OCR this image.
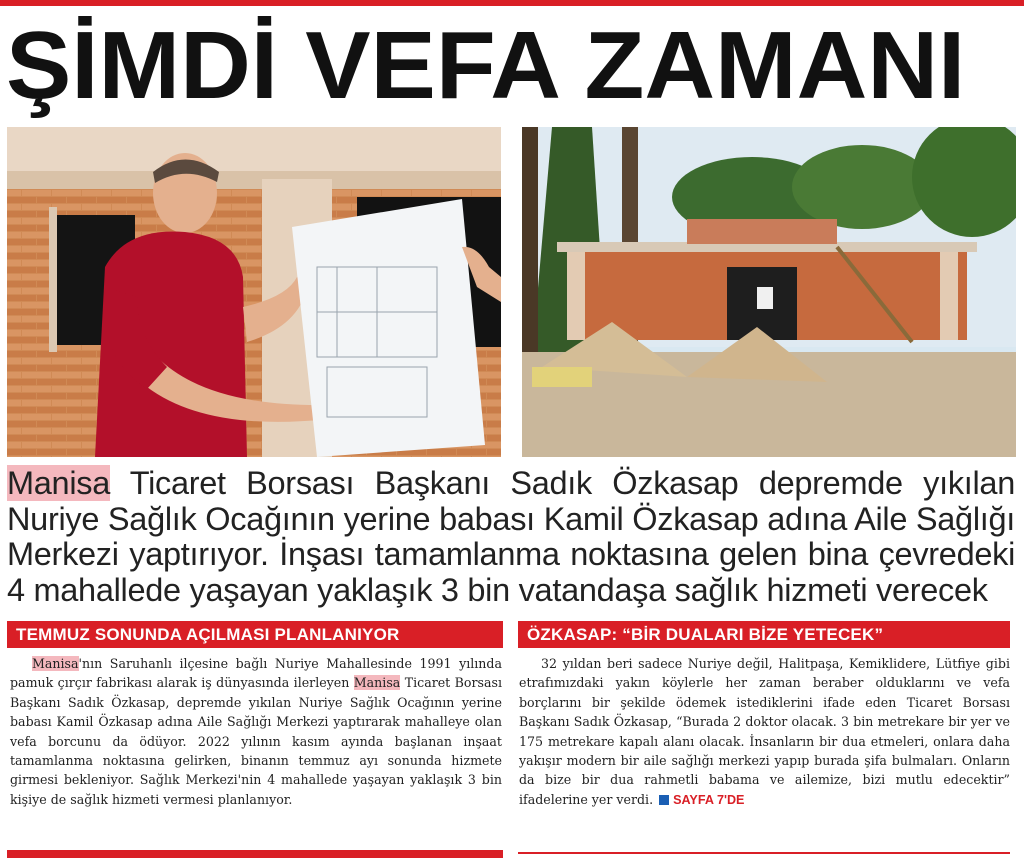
ŞİMDİ VEFA ZAMANI

Manisa Ticaret Borsası Başkanı Sadık Özkasap depremde yıkılan Nuriye Sağlık Ocağının yerine babası Kamil Özkasap adına Aile Sağlığı Merkezi yaptırıyor. İnşası tamamlanma noktasına gelen bina çevredeki 4 mahallede yaşayan yaklaşık 3 bin vatandaşa sağlık hizmeti verecek

TEMMUZ SONUNDA AÇILMASI PLANLANIYOR	ÖZKASAP: “BİR DUALARI BİZE YETECEK”

Manisa'nın Saruhanlı ilçesine bağlı Nuriye Mahallesinde 1991 yılında pamuk çırçır fabrikası alarak iş dünyasında ilerleyen Manisa Ticaret Borsası Başkanı Sadık Özkasap, depremde yıkılan Nuriye Sağlık Ocağının yerine babası Kamil Özkasap adına Aile Sağlığı Merkezi yaptırarak mahalleye olan vefa borcunu da ödüyor. 2022 yılının kasım ayında başlanan inşaat tamamlanma noktasına gelirken, binanın temmuz ayı sonunda hizmete girmesi bekleniyor. Sağlık Merkezi'nin 4 mahallede yaşayan yaklaşık 3 bin kişiye de sağlık hizmeti vermesi planlanıyor.

32 yıldan beri sadece Nuriye değil, Halitpaşa, Kemiklidere, Lütfiye gibi etrafımızdaki yakın köylerle her zaman beraber olduklarını ve vefa borçlarını bir şekilde ödemek istediklerini ifade eden Ticaret Borsası Başkanı Sadık Özkasap, “Burada 2 doktor olacak. 3 bin metrekare bir yer ve 175 metrekare kapalı alanı olacak. İnsanların bir dua etmeleri, onlara daha yakışır modern bir aile sağlığı merkezi yapıp burada şifa bulmaları. Onların da bize bir dua rahmetli babama ve ailemize, bizi mutlu edecektir” ifadelerine yer verdi. SAYFA 7'DE
